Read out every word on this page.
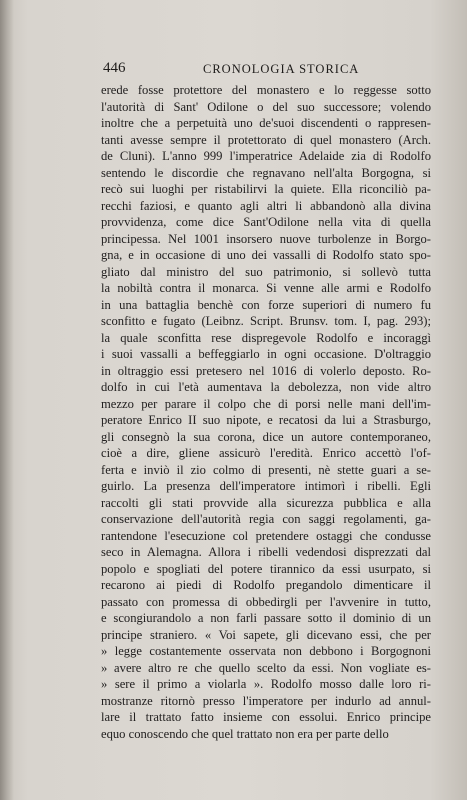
446	CRONOLOGIA STORICA
erede fosse protettore del monastero e lo reggesse sotto
l'autorità di Sant' Odilone o del suo successore; volendo
inoltre che a perpetuità uno de'suoi discendenti o rappresen-
tanti avesse sempre il protettorato di quel monastero (Arch.
de Cluni). L'anno 999 l'imperatrice Adelaide zia di Rodolfo
sentendo le discordie che regnavano nell'alta Borgogna, si
recò sui luoghi per ristabilirvi la quiete. Ella riconciliò pa-
recchi faziosi, e quanto agli altri li abbandonò alla divina
provvidenza, come dice Sant'Odilone nella vita di quella
principessa. Nel 1001 insorsero nuove turbolenze in Borgo-
gna, e in occasione di uno dei vassalli di Rodolfo stato spo-
gliato dal ministro del suo patrimonio, si sollevò tutta
la nobiltà contra il monarca. Si venne alle armi e Rodolfo
in una battaglia benchè con forze superiori di numero fu
sconfitto e fugato (Leibnz. Script. Brunsv. tom. I, pag. 293);
la quale sconfitta rese dispregevole Rodolfo e incoraggì
i suoi vassalli a beffeggiarlo in ogni occasione. D'oltraggio
in oltraggio essi pretesero nel 1016 di volerlo deposto. Ro-
dolfo in cui l'età aumentava la debolezza, non vide altro
mezzo per parare il colpo che di porsi nelle mani dell'im-
peratore Enrico II suo nipote, e recatosi da lui a Strasburgo,
gli consegnò la sua corona, dice un autore contemporaneo,
cioè a dire, gliene assicurò l'eredità. Enrico accettò l'of-
ferta e inviò il zio colmo di presenti, nè stette guari a se-
guirlo. La presenza dell'imperatore intimorì i ribelli. Egli
raccolti gli stati provvide alla sicurezza pubblica e alla
conservazione dell'autorità regia con saggi regolamenti, ga-
rantendone l'esecuzione col pretendere ostaggi che condusse
seco in Alemagna. Allora i ribelli vedendosi disprezzati dal
popolo e spogliati del potere tirannico da essi usurpato, si
recarono ai piedi di Rodolfo pregandolo dimenticare il
passato con promessa di obbedirgli per l'avvenire in tutto,
e scongiurandolo a non farli passare sotto il dominio di un
principe straniero. « Voi sapete, gli dicevano essi, che per
» legge costantemente osservata non debbono i Borgognoni
» avere altro re che quello scelto da essi. Non vogliate es-
» sere il primo a violarla ». Rodolfo mosso dalle loro ri-
mostranze ritornò presso l'imperatore per indurlo ad annul-
lare il trattato fatto insieme con essolui. Enrico principe
equo conoscendo che quel trattato non era per parte dello
